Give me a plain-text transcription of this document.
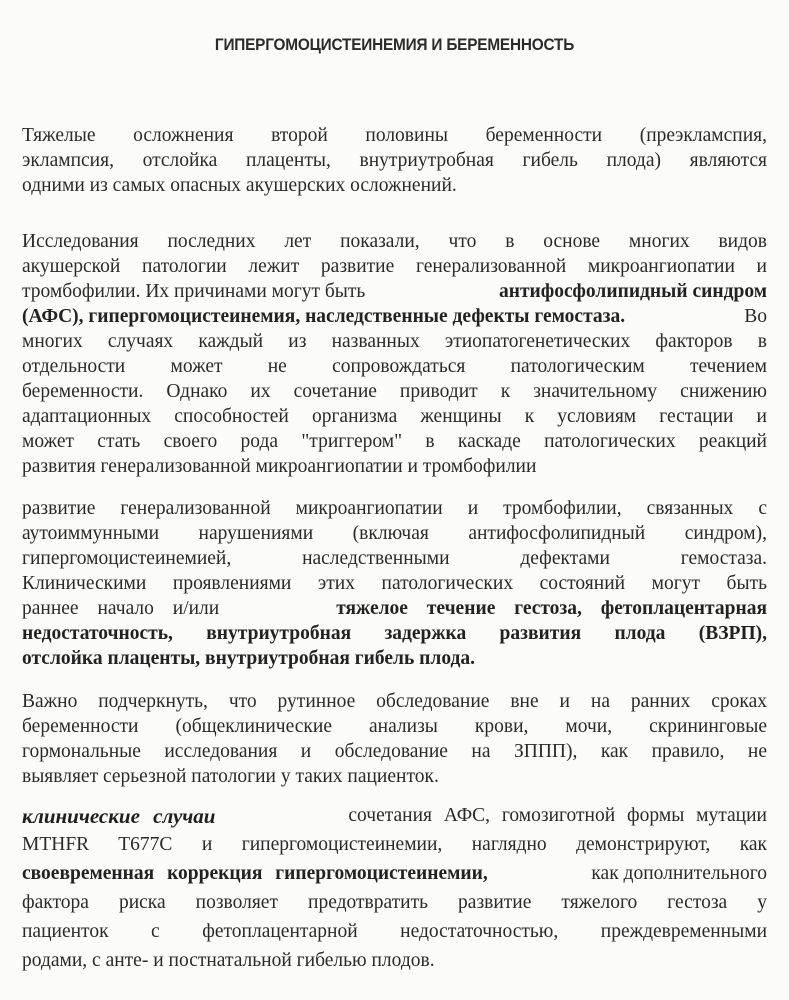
ГИПЕРГОМОЦИСТЕИНЕМИЯ И БЕРЕМЕННОСТЬ
Тяжелые осложнения второй половины беременности (преэкламспия,
эклампсия, отслойка плаценты, внутриутробная гибель плода) являются
одними из самых опасных акушерских осложнений.
Исследования последних лет показали, что в основе многих видов
акушерской патологии лежит развитие генерализованной микроангиопатии и
тромбофилии. Их причинами могут быть	антифосфолипидный синдром
(АФС), гипергомоцистеинемия, наследственные дефекты гемостаза.	Во
многих случаях каждый из названных этиопатогенетических факторов в
отдельности может не сопровождаться патологическим течением
беременности. Однако их сочетание приводит к значительному снижению
адаптационных способностей организма женщины к условиям гестации и
может стать своего рода "триггером" в каскаде патологических реакций
развития генерализованной микроангиопатии и тромбофилии
развитие генерализованной микроангиопатии и тромбофилии, связанных с
аутоиммунными нарушениями (включая антифосфолипидный синдром),
гипергомоцистеинемией, наследственными дефектами гемостаза.
Клиническими проявлениями этих патологических состояний могут быть
раннее начало и/или	тяжелое течение гестоза, фетоплацентарная
недостаточность, внутриутробная задержка развития плода (ВЗРП),
отслойка плаценты, внутриутробная гибель плода.
Важно подчеркнуть, что рутинное обследование вне и на ранних сроках
беременности (общеклинические анализы крови, мочи, скрининговые
гормональные исследования и обследование на ЗППП), как правило, не
выявляет серьезной патологии у таких пациенток.
клинические случаи	сочетания АФС, гомозиготной формы мутации
MTHFR T677C и гипергомоцистеинемии, наглядно демонстрируют, как
своевременная коррекция гипергомоцистеинемии,	как дополнительного
фактора риска позволяет предотвратить развитие тяжелого гестоза у
пациенток с фетоплацентарной недостаточностью, преждевременными
родами, с анте- и постнатальной гибелью плодов.
